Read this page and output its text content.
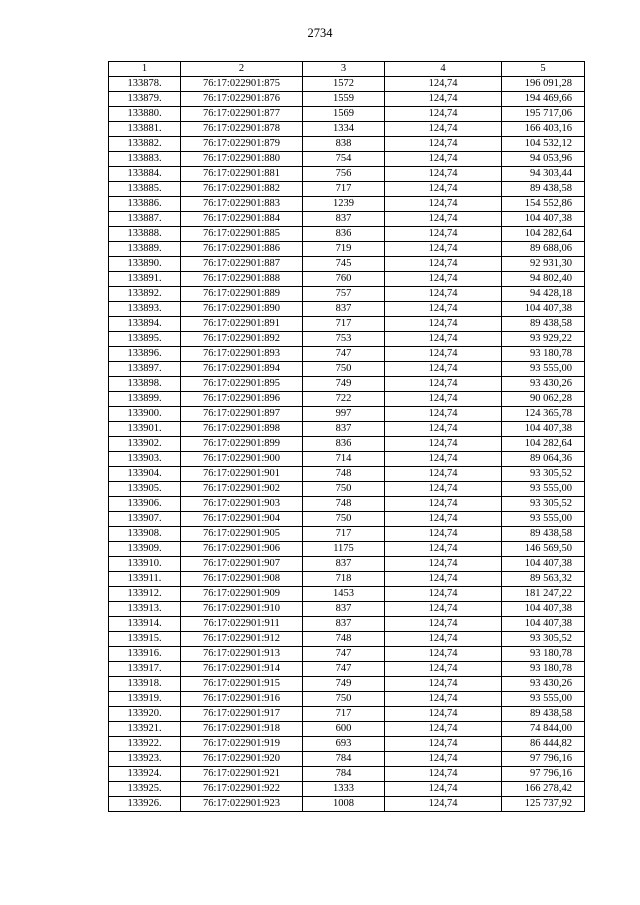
2734
1	2	3	4	5
133878.	76:17:022901:875	1572	124,74	196 091,28
133879.	76:17:022901:876	1559	124,74	194 469,66
133880.	76:17:022901:877	1569	124,74	195 717,06
133881.	76:17:022901:878	1334	124,74	166 403,16
133882.	76:17:022901:879	838	124,74	104 532,12
133883.	76:17:022901:880	754	124,74	94 053,96
133884.	76:17:022901:881	756	124,74	94 303,44
133885.	76:17:022901:882	717	124,74	89 438,58
133886.	76:17:022901:883	1239	124,74	154 552,86
133887.	76:17:022901:884	837	124,74	104 407,38
133888.	76:17:022901:885	836	124,74	104 282,64
133889.	76:17:022901:886	719	124,74	89 688,06
133890.	76:17:022901:887	745	124,74	92 931,30
133891.	76:17:022901:888	760	124,74	94 802,40
133892.	76:17:022901:889	757	124,74	94 428,18
133893.	76:17:022901:890	837	124,74	104 407,38
133894.	76:17:022901:891	717	124,74	89 438,58
133895.	76:17:022901:892	753	124,74	93 929,22
133896.	76:17:022901:893	747	124,74	93 180,78
133897.	76:17:022901:894	750	124,74	93 555,00
133898.	76:17:022901:895	749	124,74	93 430,26
133899.	76:17:022901:896	722	124,74	90 062,28
133900.	76:17:022901:897	997	124,74	124 365,78
133901.	76:17:022901:898	837	124,74	104 407,38
133902.	76:17:022901:899	836	124,74	104 282,64
133903.	76:17:022901:900	714	124,74	89 064,36
133904.	76:17:022901:901	748	124,74	93 305,52
133905.	76:17:022901:902	750	124,74	93 555,00
133906.	76:17:022901:903	748	124,74	93 305,52
133907.	76:17:022901:904	750	124,74	93 555,00
133908.	76:17:022901:905	717	124,74	89 438,58
133909.	76:17:022901:906	1175	124,74	146 569,50
133910.	76:17:022901:907	837	124,74	104 407,38
133911.	76:17:022901:908	718	124,74	89 563,32
133912.	76:17:022901:909	1453	124,74	181 247,22
133913.	76:17:022901:910	837	124,74	104 407,38
133914.	76:17:022901:911	837	124,74	104 407,38
133915.	76:17:022901:912	748	124,74	93 305,52
133916.	76:17:022901:913	747	124,74	93 180,78
133917.	76:17:022901:914	747	124,74	93 180,78
133918.	76:17:022901:915	749	124,74	93 430,26
133919.	76:17:022901:916	750	124,74	93 555,00
133920.	76:17:022901:917	717	124,74	89 438,58
133921.	76:17:022901:918	600	124,74	74 844,00
133922.	76:17:022901:919	693	124,74	86 444,82
133923.	76:17:022901:920	784	124,74	97 796,16
133924.	76:17:022901:921	784	124,74	97 796,16
133925.	76:17:022901:922	1333	124,74	166 278,42
133926.	76:17:022901:923	1008	124,74	125 737,92
